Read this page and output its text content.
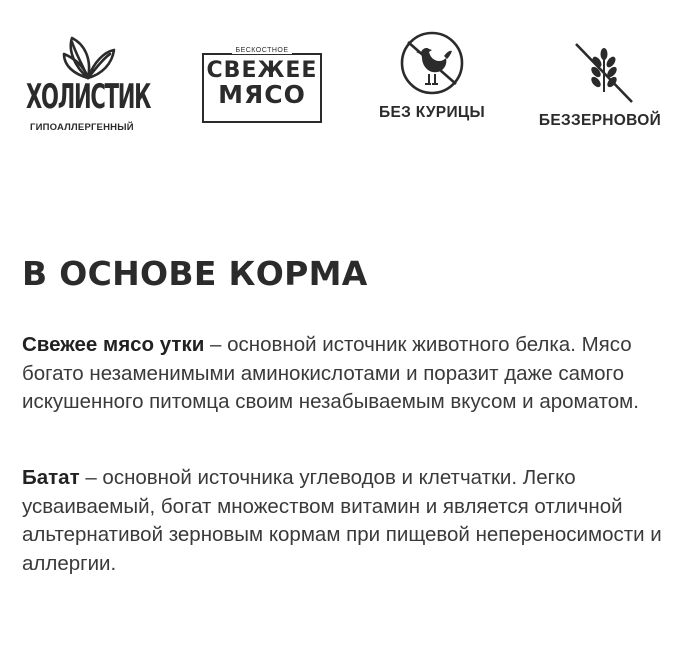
ХОЛИСТИК
ГИПОАЛЛЕРГЕННЫЙ
БЕСКОСТНОЕ
СВЕЖЕЕ
МЯСО
БЕЗ КУРИЦЫ	БЕЗЗЕРНОВОЙ
В ОСНОВЕ КОРМА

Свежее мясо утки – основной источник животного белка. Мясо богато незаменимыми аминокислотами и поразит даже самого искушенного питомца своим незабываемым вкусом и ароматом.

Батат – основной источника углеводов и клетчатки. Легко усваиваемый, богат множеством витамин и является отличной альтернативой зерновым кормам при пищевой непереносимости и аллергии.
